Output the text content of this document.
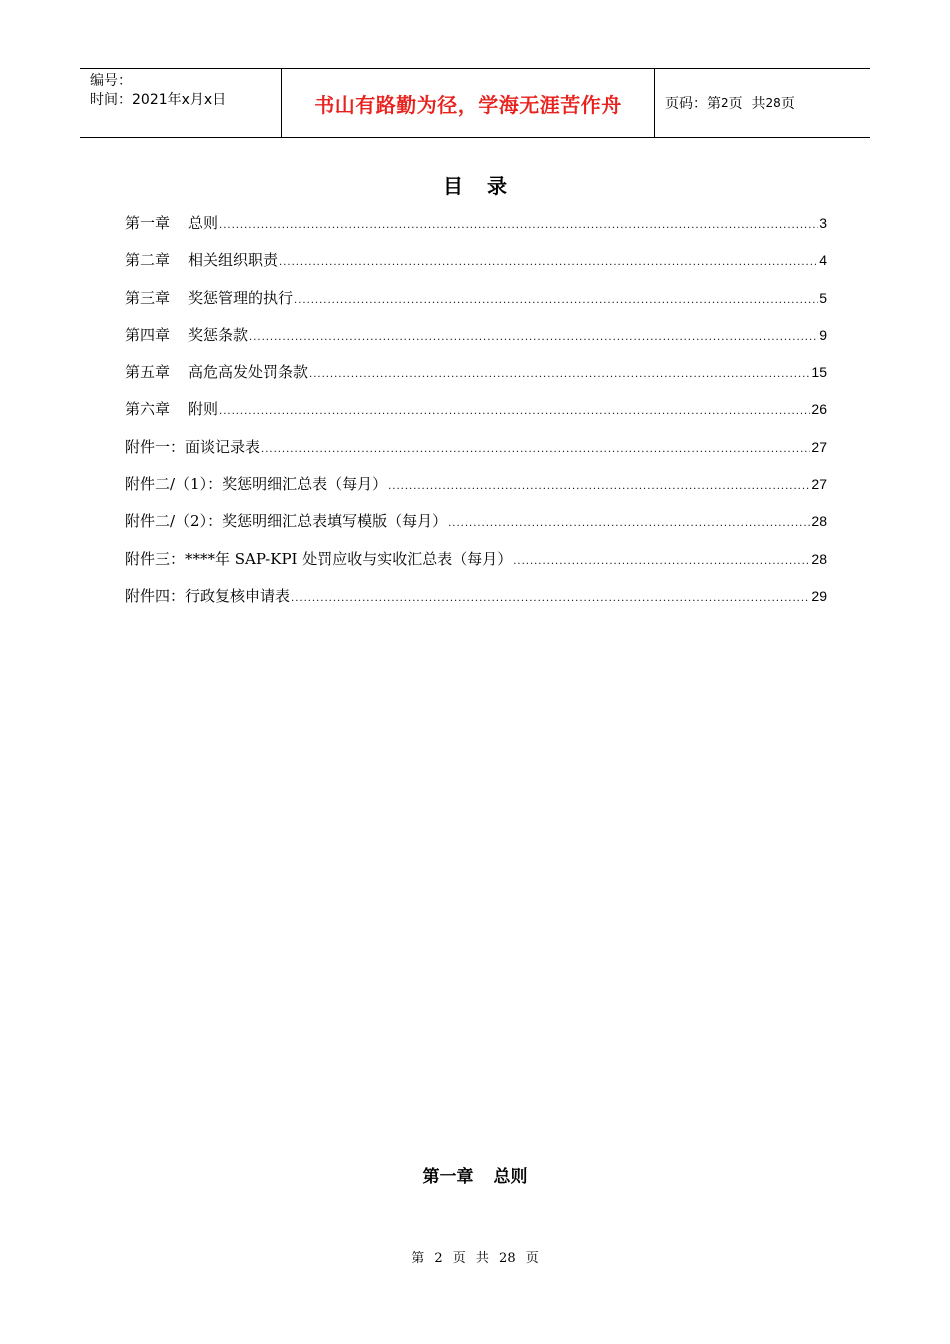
编号：
时间：2021年x月x日	书山有路勤为径，学海无涯苦作舟	页码：第 2 页  共 28 页
目录
第一章 总则 .....	3
第二章 相关组织职责 .....	4
第三章 奖惩管理的执行 .....	5
第四章 奖惩条款 .....	9
第五章 高危高发处罚条款 .....	15
第六章 附则 .....	26
附件一： 面谈记录表 .....	27
附件二/（1）： 奖惩明细汇总表（每月） .....	27
附件二/（2）： 奖惩明细汇总表填写模版（每月） .....	28
附件三： ****年 SAP-KPI 处罚应收与实收汇总表（每月） .....	28
附件四： 行政复核申请表 .....	29
第一章 总则
第 2 页 共 28 页
